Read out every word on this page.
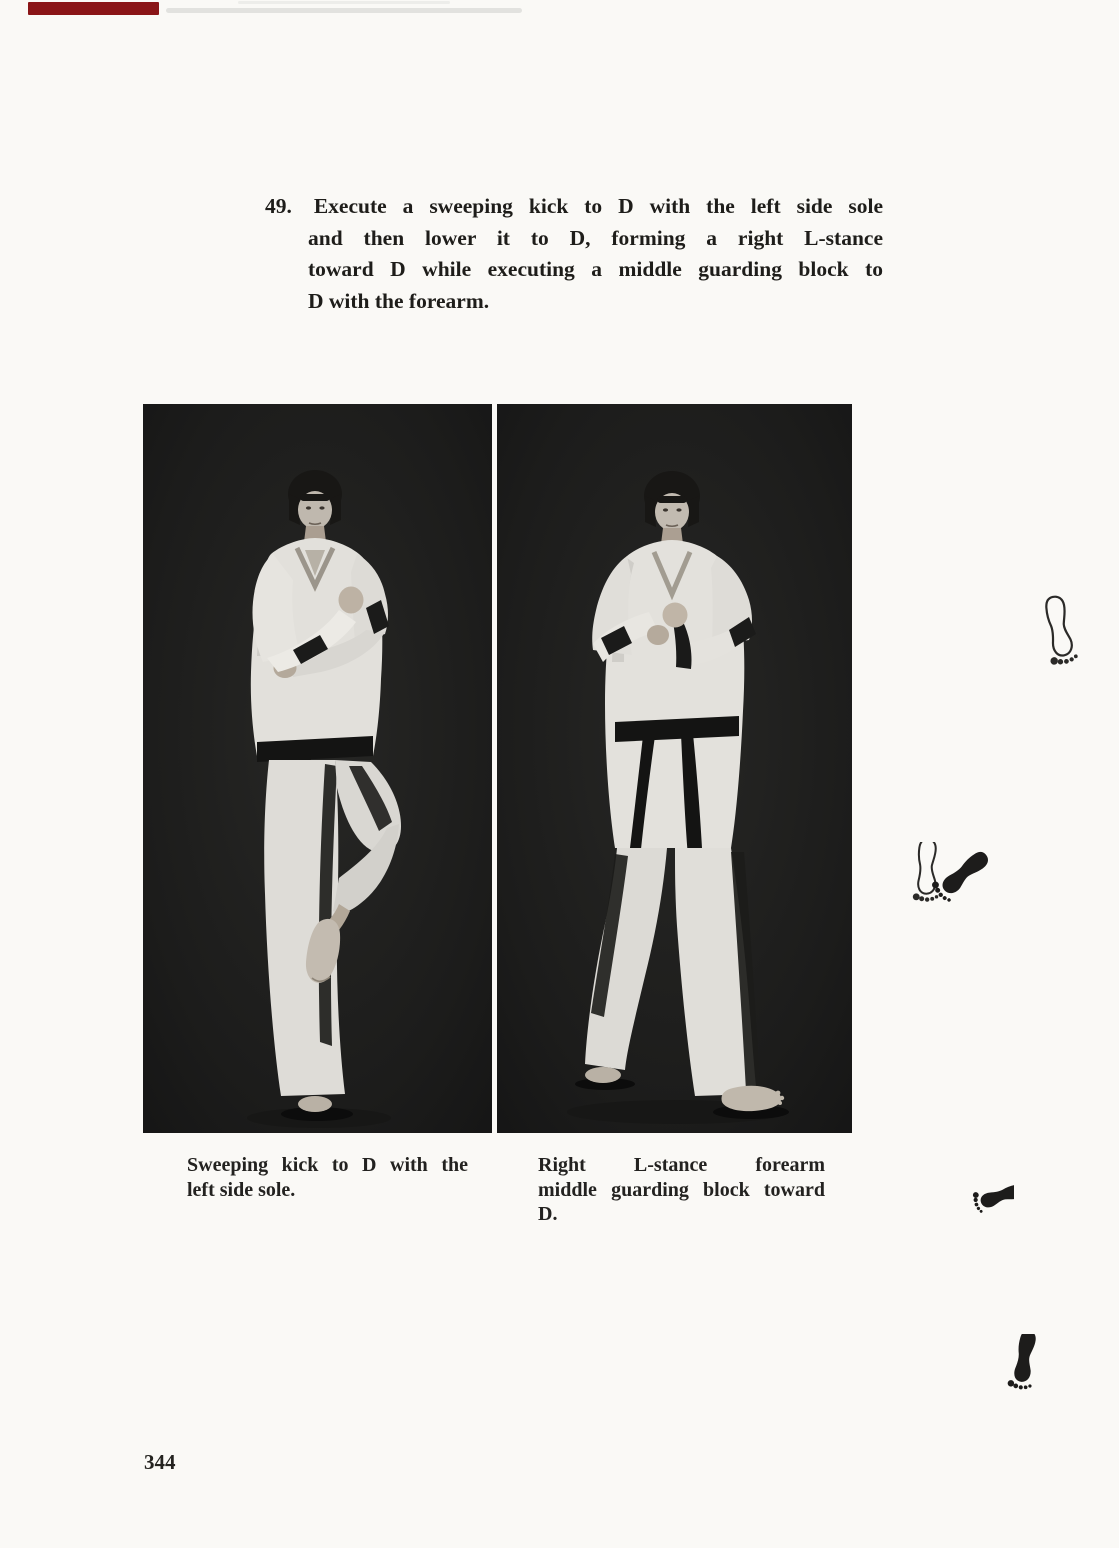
49. Execute a sweeping kick to D with the left side sole
and then lower it to D, forming a right L-stance
toward D while executing a middle guarding block to
D with the forearm.
Sweeping kick to D with the
left side sole.
Right L-stance forearm
middle guarding block toward
D.
344
